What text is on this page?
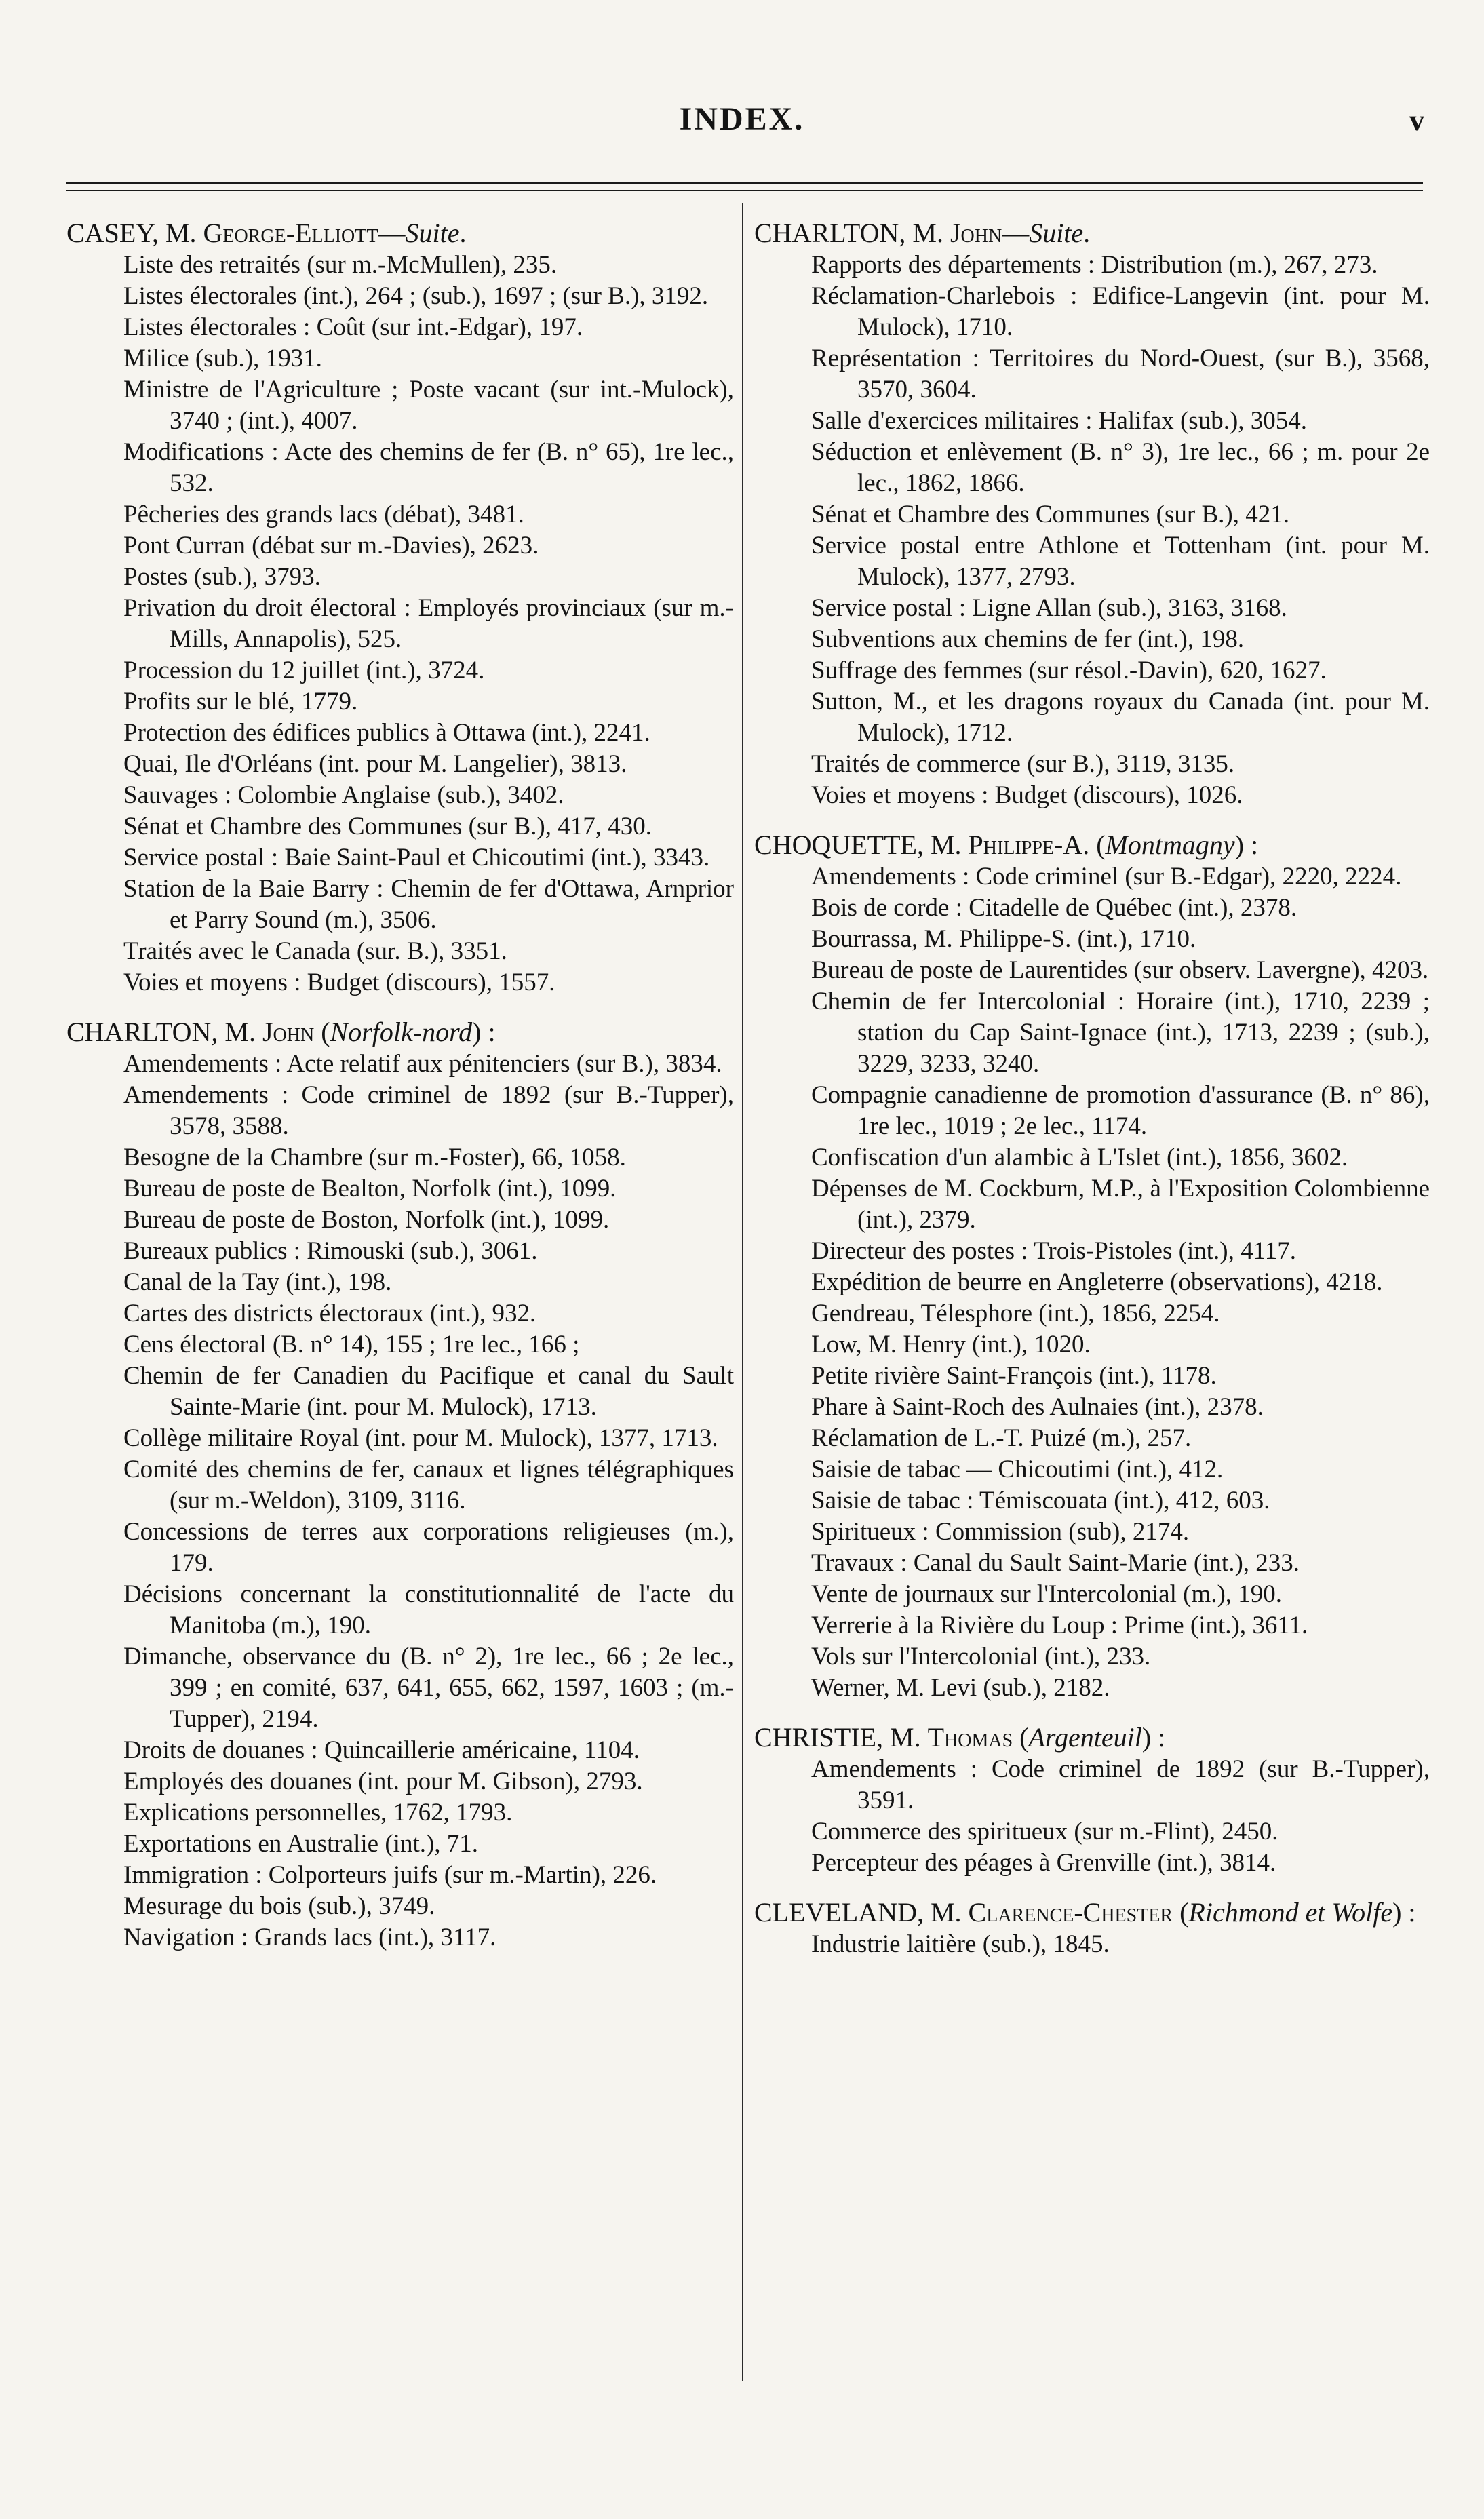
INDEX.	v
CASEY, M. George-Elliott—Suite.
Liste des retraités (sur m.-McMullen), 235.
Listes électorales (int.), 264 ; (sub.), 1697 ; (sur B.), 3192.
Listes électorales : Coût (sur int.-Edgar), 197.
Milice (sub.), 1931.
Ministre de l'Agriculture ; Poste vacant (sur int.-Mulock), 3740 ; (int.), 4007.
Modifications : Acte des chemins de fer (B. n° 65), 1re lec., 532.
Pêcheries des grands lacs (débat), 3481.
Pont Curran (débat sur m.-Davies), 2623.
Postes (sub.), 3793.
Privation du droit électoral : Employés provinciaux (sur m.-Mills, Annapolis), 525.
Procession du 12 juillet (int.), 3724.
Profits sur le blé, 1779.
Protection des édifices publics à Ottawa (int.), 2241.
Quai, Ile d'Orléans (int. pour M. Langelier), 3813.
Sauvages : Colombie Anglaise (sub.), 3402.
Sénat et Chambre des Communes (sur B.), 417, 430.
Service postal : Baie Saint-Paul et Chicoutimi (int.), 3343.
Station de la Baie Barry : Chemin de fer d'Ottawa, Arnprior et Parry Sound (m.), 3506.
Traités avec le Canada (sur. B.), 3351.
Voies et moyens : Budget (discours), 1557.
CHARLTON, M. John (Norfolk-nord) :
Amendements : Acte relatif aux pénitenciers (sur B.), 3834.
Amendements : Code criminel de 1892 (sur B.-Tupper), 3578, 3588.
Besogne de la Chambre (sur m.-Foster), 66, 1058.
Bureau de poste de Bealton, Norfolk (int.), 1099.
Bureau de poste de Boston, Norfolk (int.), 1099.
Bureaux publics : Rimouski (sub.), 3061.
Canal de la Tay (int.), 198.
Cartes des districts électoraux (int.), 932.
Cens électoral (B. n° 14), 155 ; 1re lec., 166 ;
Chemin de fer Canadien du Pacifique et canal du Sault Sainte-Marie (int. pour M. Mulock), 1713.
Collège militaire Royal (int. pour M. Mulock), 1377, 1713.
Comité des chemins de fer, canaux et lignes télégraphiques (sur m.-Weldon), 3109, 3116.
Concessions de terres aux corporations religieuses (m.), 179.
Décisions concernant la constitutionnalité de l'acte du Manitoba (m.), 190.
Dimanche, observance du (B. n° 2), 1re lec., 66 ; 2e lec., 399 ; en comité, 637, 641, 655, 662, 1597, 1603 ; (m.-Tupper), 2194.
Droits de douanes : Quincaillerie américaine, 1104.
Employés des douanes (int. pour M. Gibson), 2793.
Explications personnelles, 1762, 1793.
Exportations en Australie (int.), 71.
Immigration : Colporteurs juifs (sur m.-Martin), 226.
Mesurage du bois (sub.), 3749.
Navigation : Grands lacs (int.), 3117.
CHARLTON, M. John—Suite.
Rapports des départements : Distribution (m.), 267, 273.
Réclamation-Charlebois : Edifice-Langevin (int. pour M. Mulock), 1710.
Représentation : Territoires du Nord-Ouest, (sur B.), 3568, 3570, 3604.
Salle d'exercices militaires : Halifax (sub.), 3054.
Séduction et enlèvement (B. n° 3), 1re lec., 66 ; m. pour 2e lec., 1862, 1866.
Sénat et Chambre des Communes (sur B.), 421.
Service postal entre Athlone et Tottenham (int. pour M. Mulock), 1377, 2793.
Service postal : Ligne Allan (sub.), 3163, 3168.
Subventions aux chemins de fer (int.), 198.
Suffrage des femmes (sur résol.-Davin), 620, 1627.
Sutton, M., et les dragons royaux du Canada (int. pour M. Mulock), 1712.
Traités de commerce (sur B.), 3119, 3135.
Voies et moyens : Budget (discours), 1026.
CHOQUETTE, M. Philippe-A. (Montmagny) :
Amendements : Code criminel (sur B.-Edgar), 2220, 2224.
Bois de corde : Citadelle de Québec (int.), 2378.
Bourrassa, M. Philippe-S. (int.), 1710.
Bureau de poste de Laurentides (sur observ. Lavergne), 4203.
Chemin de fer Intercolonial : Horaire (int.), 1710, 2239 ; station du Cap Saint-Ignace (int.), 1713, 2239 ; (sub.), 3229, 3233, 3240.
Compagnie canadienne de promotion d'assurance (B. n° 86), 1re lec., 1019 ; 2e lec., 1174.
Confiscation d'un alambic à L'Islet (int.), 1856, 3602.
Dépenses de M. Cockburn, M.P., à l'Exposition Colombienne (int.), 2379.
Directeur des postes : Trois-Pistoles (int.), 4117.
Expédition de beurre en Angleterre (observations), 4218.
Gendreau, Télesphore (int.), 1856, 2254.
Low, M. Henry (int.), 1020.
Petite rivière Saint-François (int.), 1178.
Phare à Saint-Roch des Aulnaies (int.), 2378.
Réclamation de L.-T. Puizé (m.), 257.
Saisie de tabac — Chicoutimi (int.), 412.
Saisie de tabac : Témiscouata (int.), 412, 603.
Spiritueux : Commission (sub), 2174.
Travaux : Canal du Sault Saint-Marie (int.), 233.
Vente de journaux sur l'Intercolonial (m.), 190.
Verrerie à la Rivière du Loup : Prime (int.), 3611.
Vols sur l'Intercolonial (int.), 233.
Werner, M. Levi (sub.), 2182.
CHRISTIE, M. Thomas (Argenteuil) :
Amendements : Code criminel de 1892 (sur B.-Tupper), 3591.
Commerce des spiritueux (sur m.-Flint), 2450.
Percepteur des péages à Grenville (int.), 3814.
CLEVELAND, M. Clarence-Chester (Richmond et Wolfe) :
Industrie laitière (sub.), 1845.
